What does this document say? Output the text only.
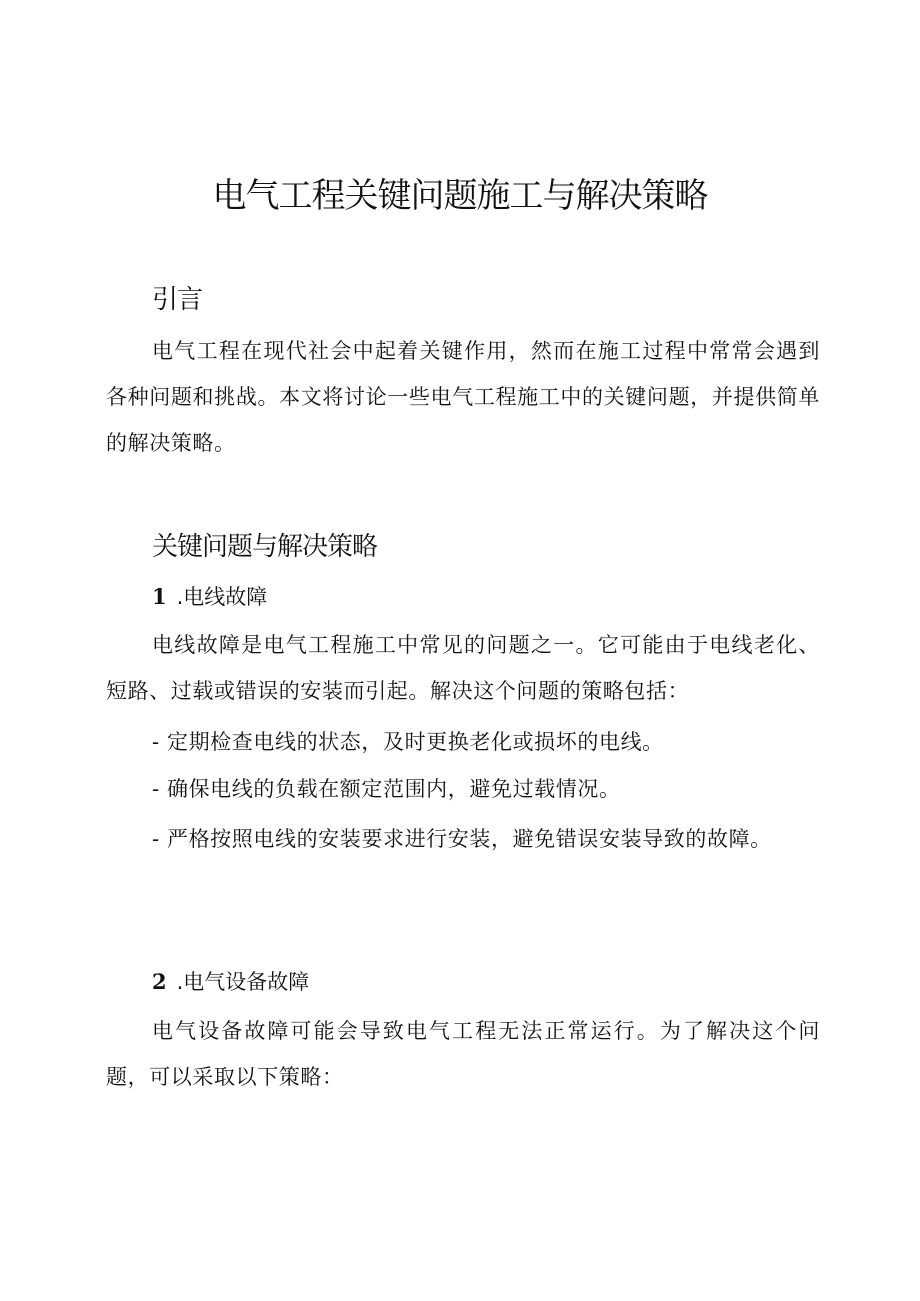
电气工程关键问题施工与解决策略
引言
电气工程在现代社会中起着关键作用，然而在施工过程中常常会遇到各种问题和挑战。本文将讨论一些电气工程施工中的关键问题，并提供简单的解决策略。
关键问题与解决策略
1 .电线故障
电线故障是电气工程施工中常见的问题之一。它可能由于电线老化、短路、过载或错误的安装而引起。解决这个问题的策略包括：
- 定期检查电线的状态，及时更换老化或损坏的电线。
- 确保电线的负载在额定范围内，避免过载情况。
- 严格按照电线的安装要求进行安装，避免错误安装导致的故障。
2 .电气设备故障
电气设备故障可能会导致电气工程无法正常运行。为了解决这个问题，可以采取以下策略：
